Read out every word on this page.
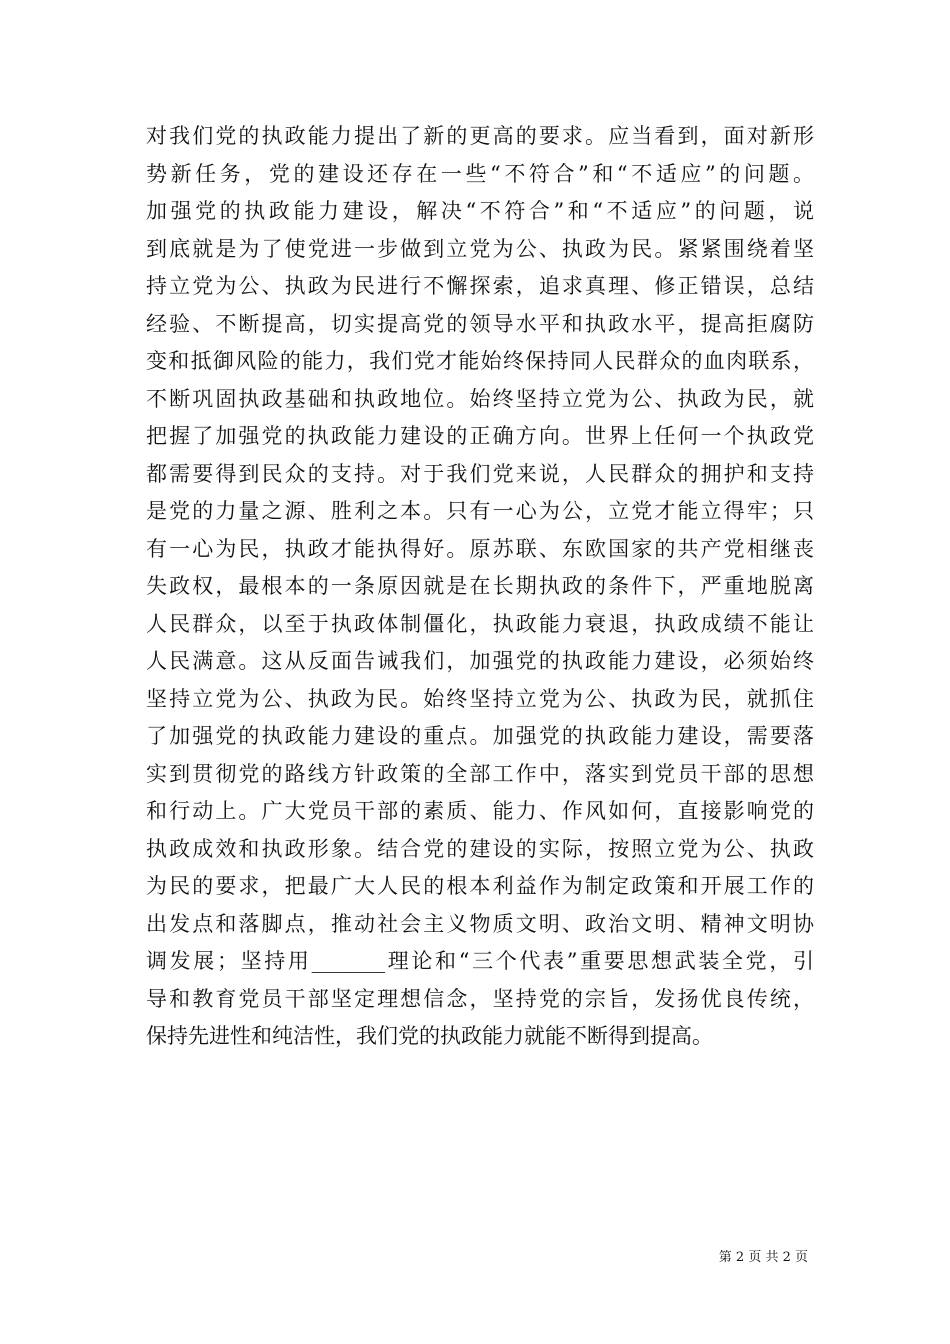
对我们党的执政能力提出了新的更高的要求。应当看到，面对新形
势新任务，党的建设还存在一些“不符合”和“不适应”的问题。
加强党的执政能力建设，解决“不符合”和“不适应”的问题，说
到底就是为了使党进一步做到立党为公、执政为民。紧紧围绕着坚
持立党为公、执政为民进行不懈探索，追求真理、修正错误，总结
经验、不断提高，切实提高党的领导水平和执政水平，提高拒腐防
变和抵御风险的能力，我们党才能始终保持同人民群众的血肉联系，
不断巩固执政基础和执政地位。始终坚持立党为公、执政为民，就
把握了加强党的执政能力建设的正确方向。世界上任何一个执政党
都需要得到民众的支持。对于我们党来说，人民群众的拥护和支持
是党的力量之源、胜利之本。只有一心为公，立党才能立得牢；只
有一心为民，执政才能执得好。原苏联、东欧国家的共产党相继丧
失政权，最根本的一条原因就是在长期执政的条件下，严重地脱离
人民群众，以至于执政体制僵化，执政能力衰退，执政成绩不能让
人民满意。这从反面告诫我们，加强党的执政能力建设，必须始终
坚持立党为公、执政为民。始终坚持立党为公、执政为民，就抓住
了加强党的执政能力建设的重点。加强党的执政能力建设，需要落
实到贯彻党的路线方针政策的全部工作中，落实到党员干部的思想
和行动上。广大党员干部的素质、能力、作风如何，直接影响党的
执政成效和执政形象。结合党的建设的实际，按照立党为公、执政
为民的要求，把最广大人民的根本利益作为制定政策和开展工作的
出发点和落脚点，推动社会主义物质文明、政治文明、精神文明协
调发展；坚持用_______理论和“三个代表”重要思想武装全党，引
导和教育党员干部坚定理想信念，坚持党的宗旨，发扬优良传统，
保持先进性和纯洁性，我们党的执政能力就能不断得到提高。
第 2 页 共 2 页
